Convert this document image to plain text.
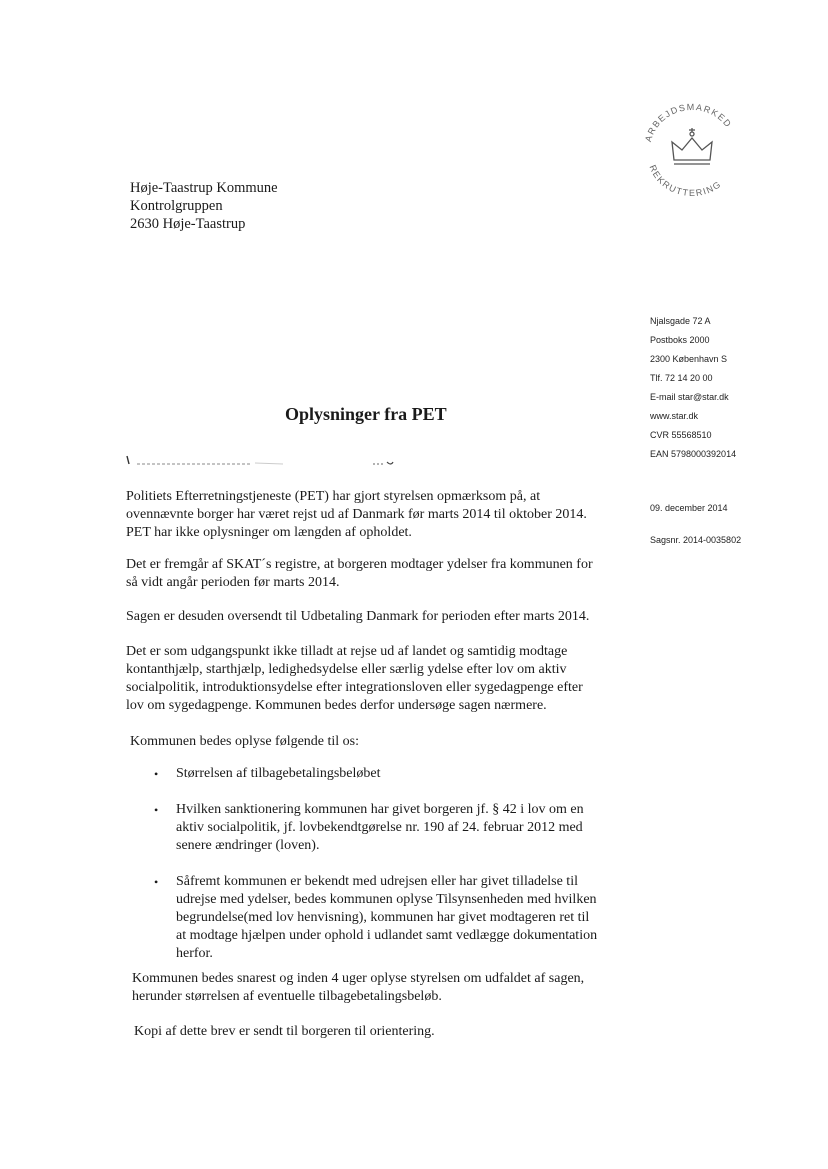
ARBEJDSMARKED
REKRUTTERING
Høje-Taastrup Kommune
Kontrolgruppen
2630 Høje-Taastrup
Njalsgade 72 A
Postboks 2000
2300 København S
Tlf. 72 14 20 00
E-mail star@star.dk
www.star.dk
CVR 55568510
EAN 5798000392014
09. december 2014
Sagsnr. 2014-0035802
Oplysninger fra PET

Politiets Efterretningstjeneste (PET) har gjort styrelsen opmærksom på, at
ovennævnte borger har været rejst ud af Danmark før marts 2014 til oktober 2014.
PET har ikke oplysninger om længden af opholdet.

Det er fremgår af SKAT´s registre, at borgeren modtager ydelser fra kommunen for
så vidt angår perioden før marts 2014.

Sagen er desuden oversendt til Udbetaling Danmark for perioden efter marts 2014.

Det er som udgangspunkt ikke tilladt at rejse ud af landet og samtidig modtage
kontanthjælp, starthjælp, ledighedsydelse eller særlig ydelse efter lov om aktiv
socialpolitik, introduktionsydelse efter integrationsloven eller sygedagpenge efter
lov om sygedagpenge. Kommunen bedes derfor undersøge sagen nærmere.

Kommunen bedes oplyse følgende til os:

• Størrelsen af tilbagebetalingsbeløbet
• Hvilken sanktionering kommunen har givet borgeren jf. § 42 i lov om en
aktiv socialpolitik, jf. lovbekendtgørelse nr. 190 af 24. februar 2012 med
senere ændringer (loven).
• Såfremt kommunen er bekendt med udrejsen eller har givet tilladelse til
udrejse med ydelser, bedes kommunen oplyse Tilsynsenheden med hvilken
begrundelse(med lov henvisning), kommunen har givet modtageren ret til
at modtage hjælpen under ophold i udlandet samt vedlægge dokumentation
herfor.

Kommunen bedes snarest og inden 4 uger oplyse styrelsen om udfaldet af sagen,
herunder størrelsen af eventuelle tilbagebetalingsbeløb.

Kopi af dette brev er sendt til borgeren til orientering.
